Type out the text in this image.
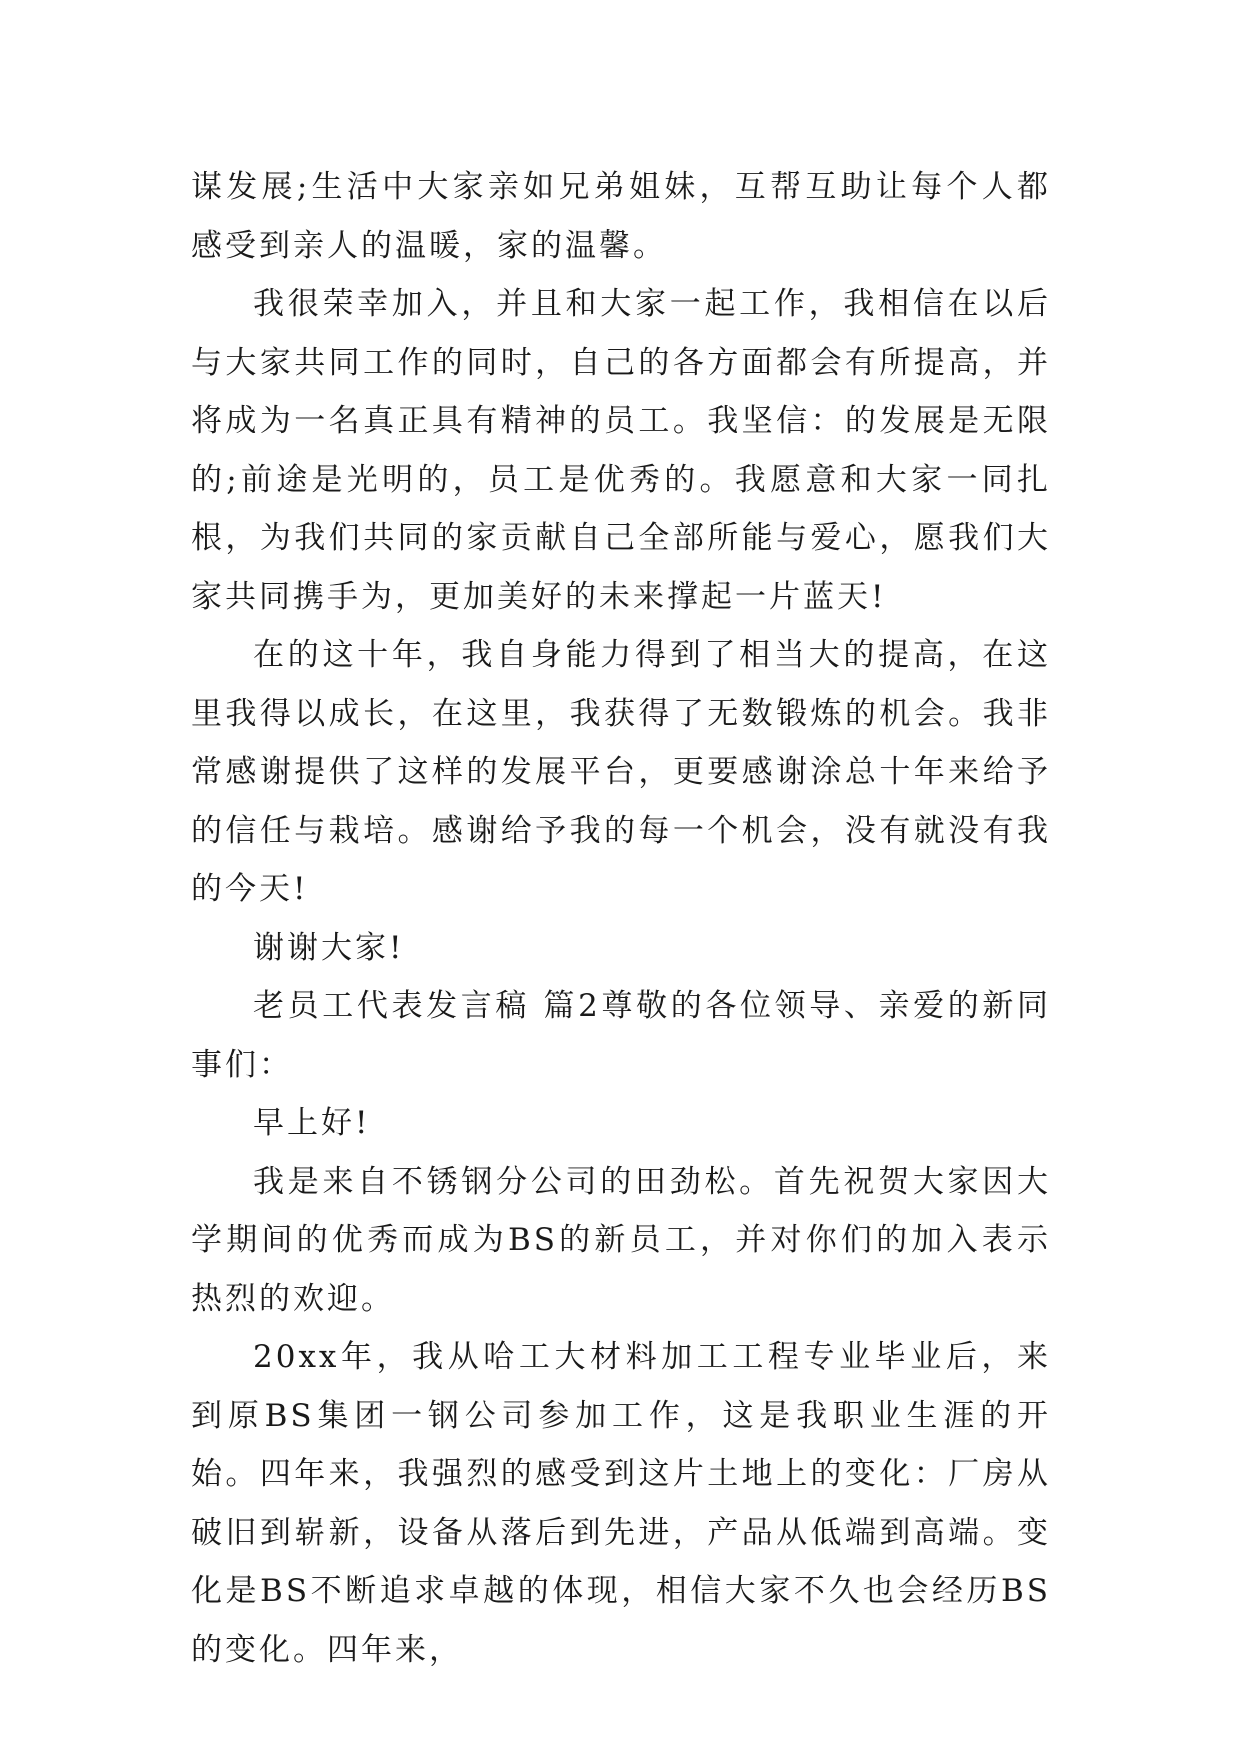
谋发展;生活中大家亲如兄弟姐妹，互帮互助让每个人都感受到亲人的温暖，家的温馨。

我很荣幸加入，并且和大家一起工作，我相信在以后与大家共同工作的同时，自己的各方面都会有所提高，并将成为一名真正具有精神的员工。我坚信：的发展是无限的;前途是光明的，员工是优秀的。我愿意和大家一同扎根，为我们共同的家贡献自己全部所能与爱心，愿我们大家共同携手为，更加美好的未来撑起一片蓝天!

在的这十年，我自身能力得到了相当大的提高，在这里我得以成长，在这里，我获得了无数锻炼的机会。我非常感谢提供了这样的发展平台，更要感谢涂总十年来给予的信任与栽培。感谢给予我的每一个机会，没有就没有我的今天!

谢谢大家!

老员工代表发言稿 篇2尊敬的各位领导、亲爱的新同事们：

早上好!

我是来自不锈钢分公司的田劲松。首先祝贺大家因大学期间的优秀而成为BS的新员工，并对你们的加入表示热烈的欢迎。

20xx年，我从哈工大材料加工工程专业毕业后，来到原BS集团一钢公司参加工作，这是我职业生涯的开始。四年来，我强烈的感受到这片土地上的变化：厂房从破旧到崭新，设备从落后到先进，产品从低端到高端。变化是BS不断追求卓越的体现，相信大家不久也会经历BS的变化。四年来，
